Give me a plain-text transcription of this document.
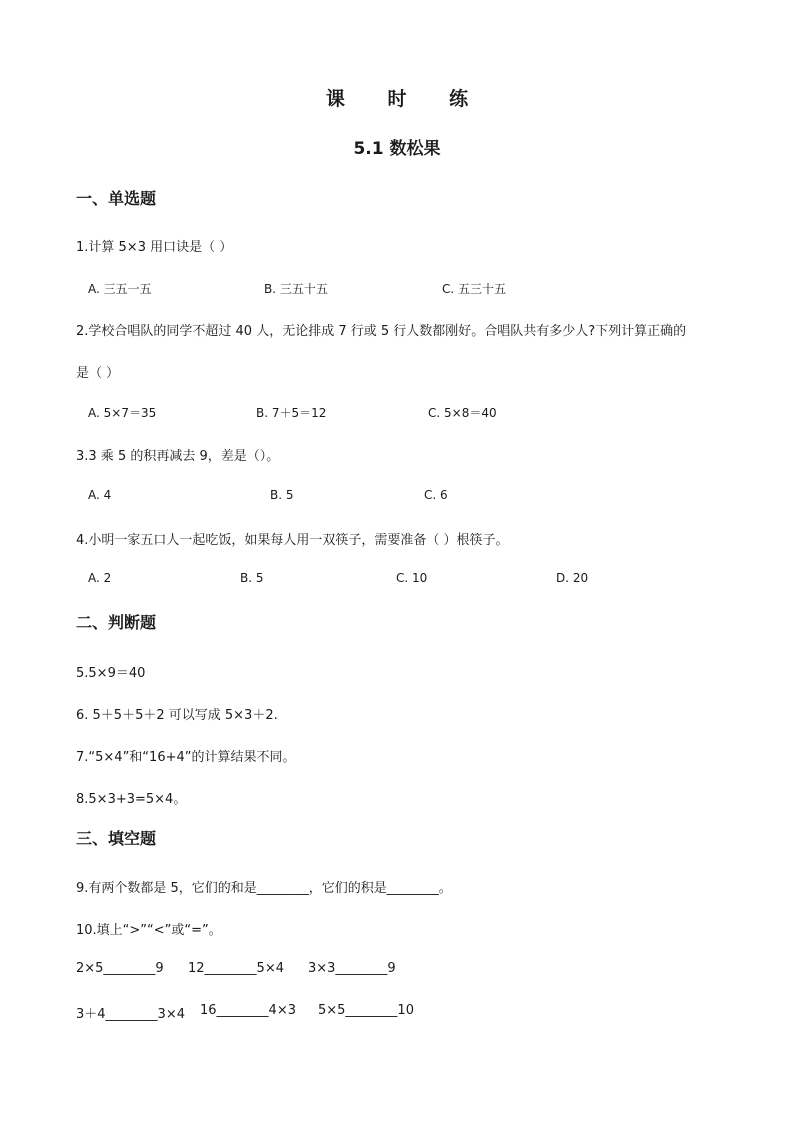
课 时 练
5.1 数松果
一、单选题
1.计算 5×3 用口诀是（ ）
A. 三五一五	B. 三五十五	C. 五三十五
2.学校合唱队的同学不超过 40 人，无论排成 7 行或 5 行人数都刚好。合唱队共有多少人?下列计算正确的
是（ ）
A. 5×7＝35	B. 7＋5＝12	C. 5×8＝40
3.3 乘 5 的积再减去 9，差是（）。
A. 4	B. 5	C. 6
4.小明一家五口人一起吃饭，如果每人用一双筷子，需要准备（ ）根筷子。
A. 2	B. 5	C. 10	D. 20
二、判断题
5.5×9＝40
6. 5＋5＋5＋2 可以写成 5×3＋2.
7.“5×4”和“16+4”的计算结果不同。
8.5×3+3=5×4。
三、填空题
9.有两个数都是 5，它们的和是________，它们的积是________。
10.填上“>”“<”或“=”。
2×5________9 12________5×4 3×3________9
3＋4________3×4 16________4×3 5×5________10
